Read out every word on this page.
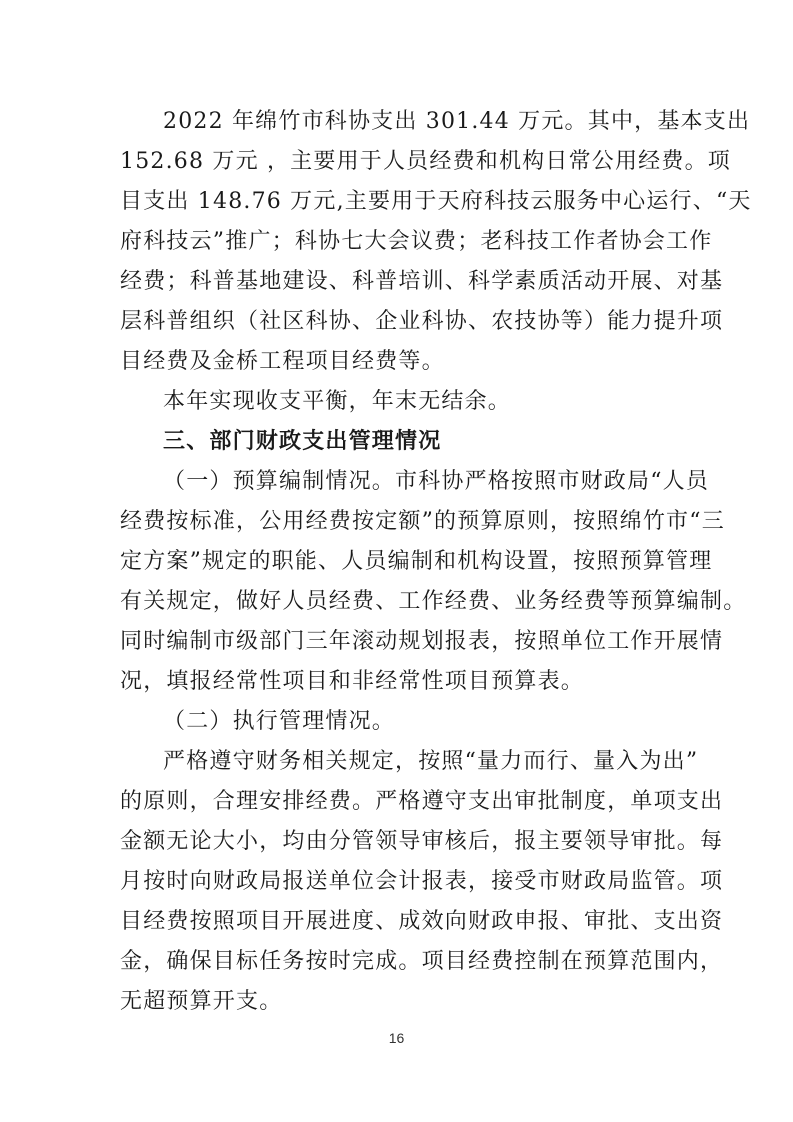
2022 年绵竹市科协支出 301.44 万元。其中，基本支出
152.68 万元 ，主要用于人员经费和机构日常公用经费。项
目支出 148.76 万元,主要用于天府科技云服务中心运行、“天
府科技云”推广；科协七大会议费；老科技工作者协会工作
经费；科普基地建设、科普培训、科学素质活动开展、对基
层科普组织（社区科协、企业科协、农技协等）能力提升项
目经费及金桥工程项目经费等。
本年实现收支平衡，年末无结余。
三、部门财政支出管理情况
（一）预算编制情况。市科协严格按照市财政局“人员
经费按标准，公用经费按定额”的预算原则，按照绵竹市“三
定方案”规定的职能、人员编制和机构设置，按照预算管理
有关规定，做好人员经费、工作经费、业务经费等预算编制。
同时编制市级部门三年滚动规划报表，按照单位工作开展情
况，填报经常性项目和非经常性项目预算表。
（二）执行管理情况。
严格遵守财务相关规定，按照“量力而行、量入为出”
的原则，合理安排经费。严格遵守支出审批制度，单项支出
金额无论大小，均由分管领导审核后，报主要领导审批。每
月按时向财政局报送单位会计报表，接受市财政局监管。项
目经费按照项目开展进度、成效向财政申报、审批、支出资
金，确保目标任务按时完成。项目经费控制在预算范围内，
无超预算开支。
16
